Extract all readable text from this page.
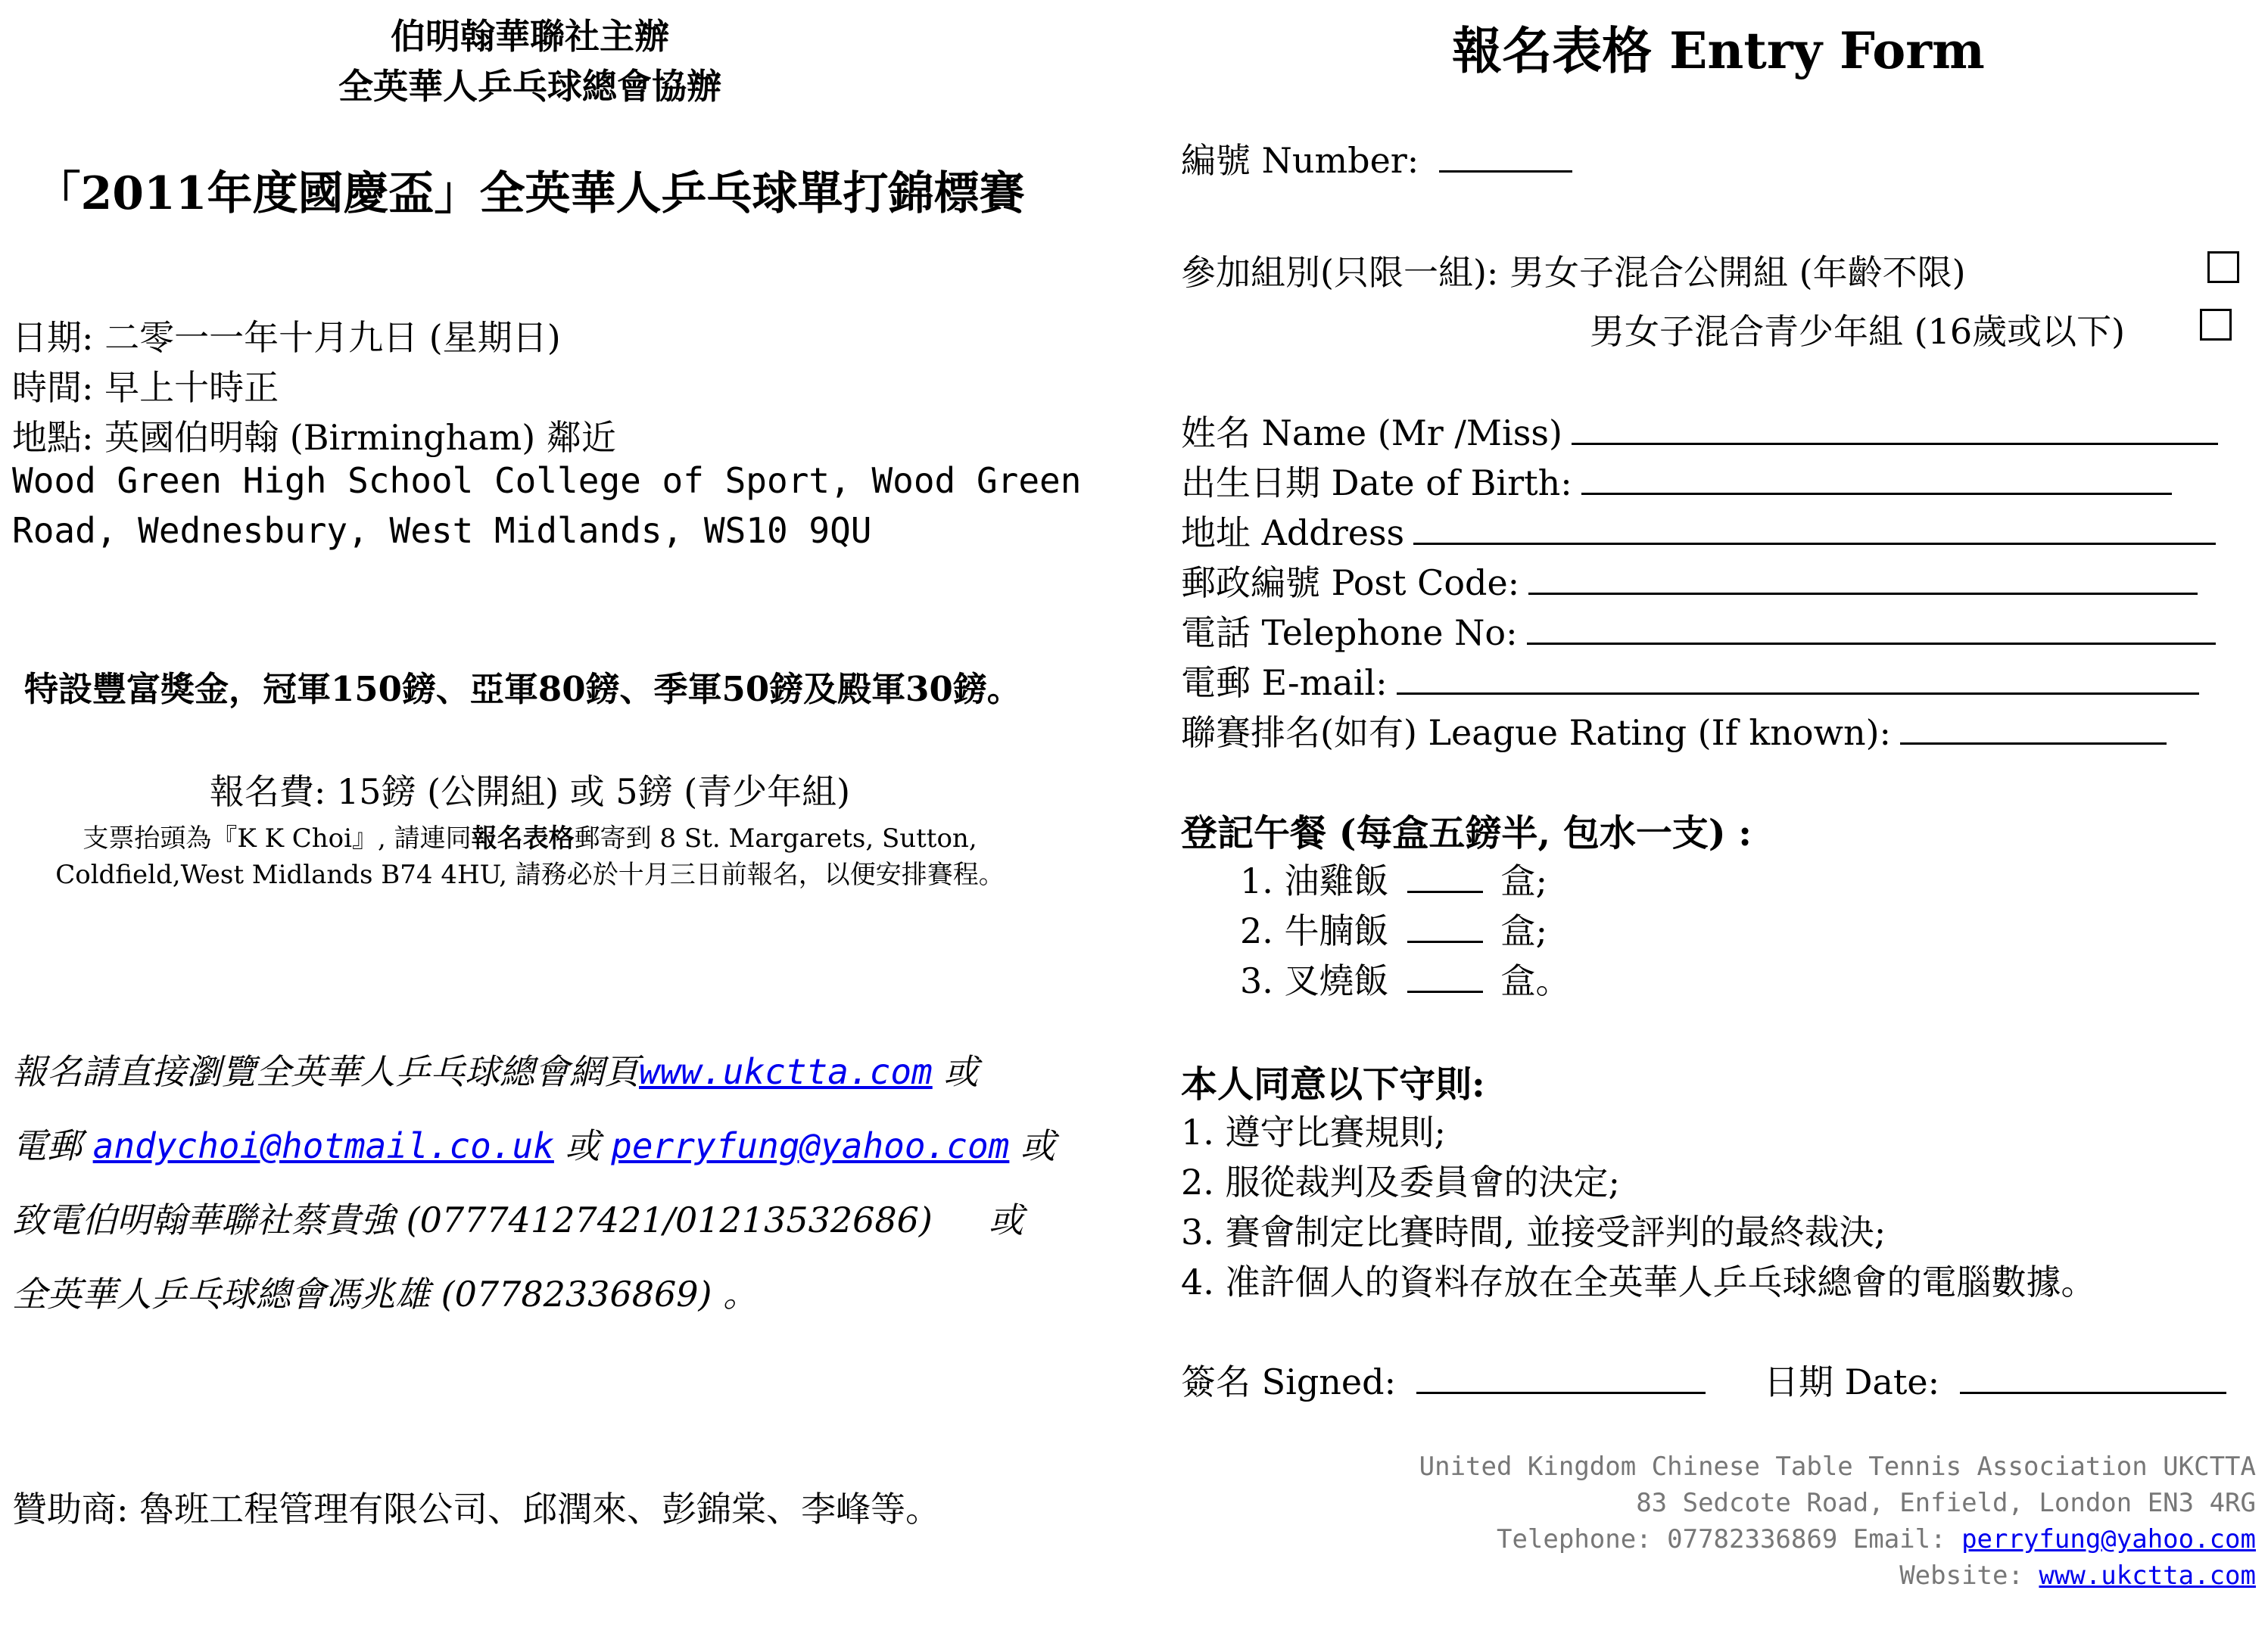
伯明翰華聯社主辦
全英華人乒乓球總會協辦
「2011年度國慶盃」全英華人乒乓球單打錦標賽
日期: 二零一一年十月九日 (星期日)
時間: 早上十時正
地點: 英國伯明翰 (Birmingham) 鄰近
Wood Green High School College of Sport, Wood Green
Road, Wednesbury, West Midlands, WS10 9QU
特設豐富獎金，冠軍150鎊、亞軍80鎊、季軍50鎊及殿軍30鎊。
報名費: 15鎊 (公開組) 或 5鎊 (青少年組)
支票抬頭為『K K Choi』, 請連同報名表格郵寄到 8 St. Margarets, Sutton,
Coldfield,West Midlands B74 4HU, 請務必於十月三日前報名，以便安排賽程。
報名請直接瀏覽全英華人乒乓球總會網頁www.ukctta.com 或
電郵 andychoi@hotmail.co.uk 或 perryfung@yahoo.com 或
致電伯明翰華聯社蔡貴強 (07774127421/01213532686) 或
全英華人乒乓球總會馮兆雄 (07782336869) 。
贊助商: 魯班工程管理有限公司、邱潤來、彭錦棠、李峰等。
報名表格 Entry Form
編號 Number:
參加組別(只限一組): 男女子混合公開組 (年齡不限)
男女子混合青少年組 (16歲或以下)
姓名 Name (Mr /Miss)
出生日期 Date of Birth:
地址 Address
郵政編號 Post Code:
電話 Telephone No:
電郵 E-mail:
聯賽排名(如有) League Rating (If known):
登記午餐 (每盒五鎊半, 包水一支) :
1. 油雞飯	盒;
2. 牛腩飯	盒;
3. 叉燒飯	盒。
本人同意以下守則:
1. 遵守比賽規則;
2. 服從裁判及委員會的決定;
3. 賽會制定比賽時間, 並接受評判的最終裁決;
4. 准許個人的資料存放在全英華人乒乓球總會的電腦數據。
簽名 Signed:	日期 Date:
United Kingdom Chinese Table Tennis Association UKCTTA
83 Sedcote Road, Enfield, London EN3 4RG
Telephone: 07782336869 Email: perryfung@yahoo.com
Website: www.ukctta.com
